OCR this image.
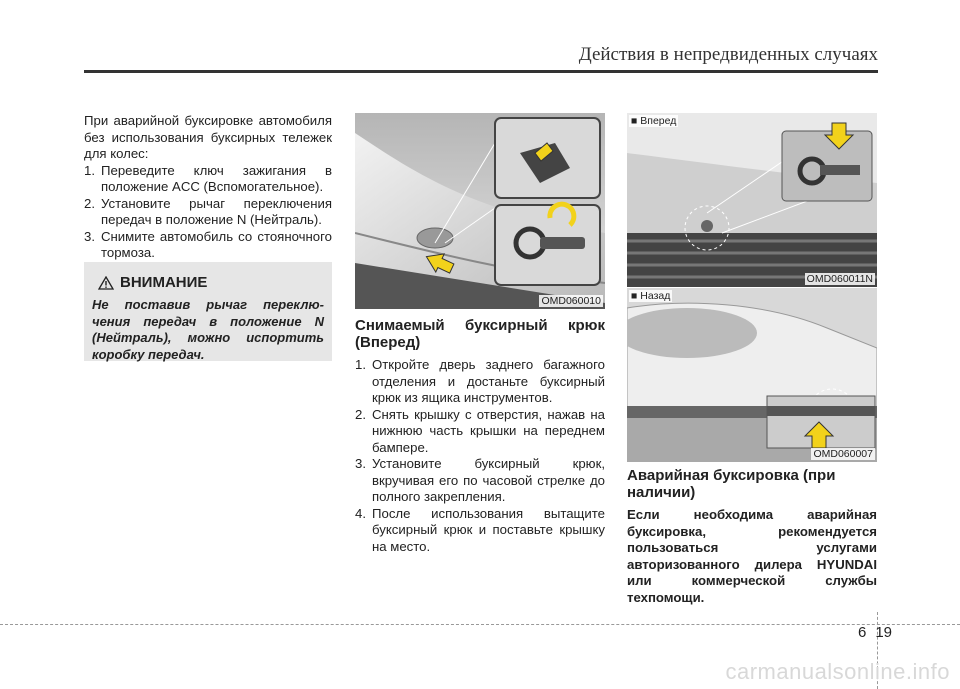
Действия в непредвиденных случаях

При аварийной буксировке автомобиля без использования буксирных тележек для колес:

1. Переведите ключ зажигания в положение ACC (Вспомогательное).
2. Установите рычаг переключения передач в положение N (Нейтраль).
3. Снимите автомобиль со стояночного тормоза.
ВНИМАНИЕ
Не поставив рычаг переклю-чения передач в положение N (Нейтраль), можно испортить коробку передач.
OMD060010
Снимаемый буксирный крюк (Вперед)
1. Откройте дверь заднего багажного отделения и достаньте буксирный крюк из ящика инструментов.
2. Снять крышку с отверстия, нажав на нижнюю часть крышки на переднем бампере.
3. Установите буксирный крюк, вкручивая его по часовой стрелке до полного закрепления.
4. После использования вытащите буксирный крюк и поставьте крышку на место.
■ Вперед
OMD060011N
■ Назад
OMD060007
Аварийная буксировка (при наличии)
Если необходима аварийная буксировка, рекомендуется пользоваться услугами авторизованного дилера HYUNDAI или коммерческой службы техпомощи.
6 19
carmanualsonline.info
